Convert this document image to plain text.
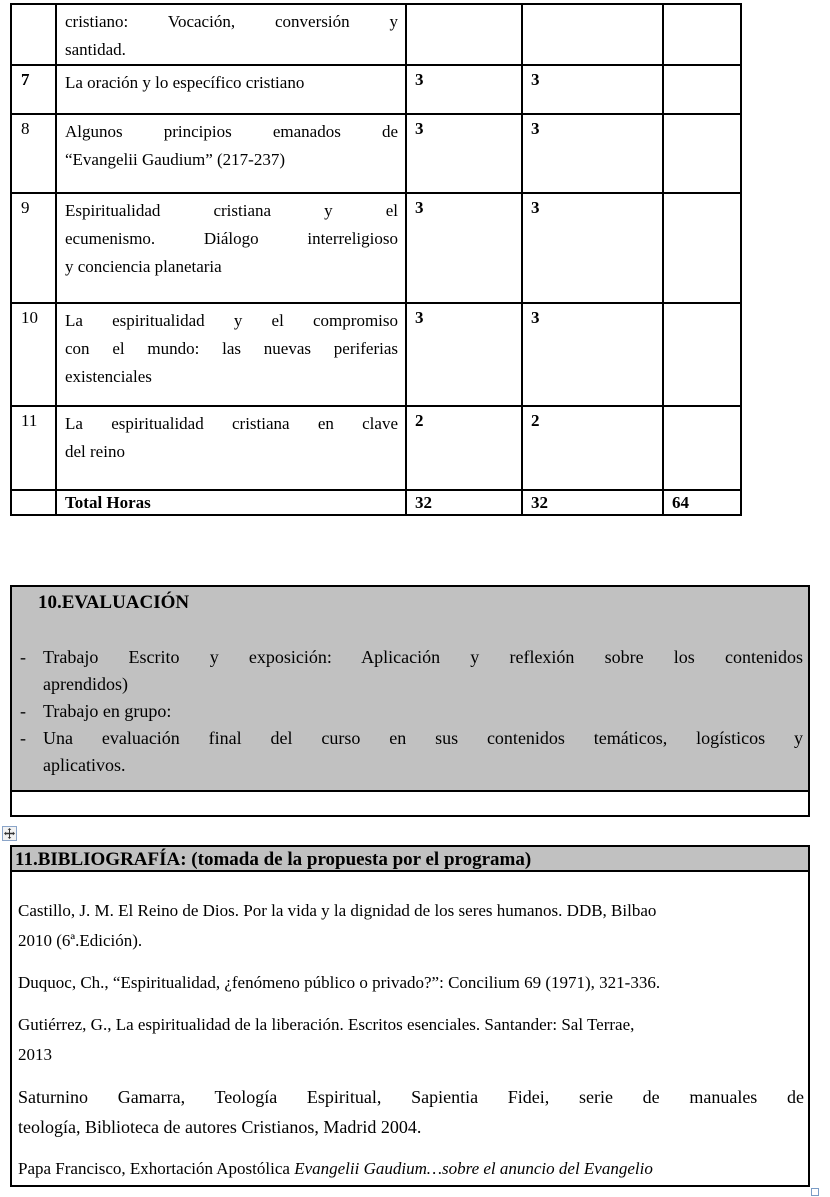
	cristiano: Vocación, conversión y
santidad.			

7	La oración y lo específico cristiano	3	3	
8	Algunos principios emanados de
“Evangelii Gaudium” (217-237)	3	3	
9	Espiritualidad cristiana y el
ecumenismo. Diálogo interreligioso
y conciencia planetaria	3	3	
10	La espiritualidad y el compromiso
con el mundo: las nuevas periferias
existenciales	3	3	
11	La espiritualidad cristiana en clave
del reino	2	2	
	Total Horas	32	32	64
10.EVALUACIÓN
- Trabajo Escrito y exposición: Aplicación y reflexión sobre los contenidos
aprendidos)
- Trabajo en grupo:
- Una evaluación final del curso en sus contenidos temáticos, logísticos y
aplicativos.
11.BIBLIOGRAFÍA: (tomada de la propuesta por el programa)
Castillo, J. M. El Reino de Dios. Por la vida y la dignidad de los seres humanos. DDB, Bilbao
2010 (6ª.Edición).
Duquoc, Ch., “Espiritualidad, ¿fenómeno público o privado?”: Concilium 69 (1971), 321-336.
Gutiérrez, G., La espiritualidad de la liberación. Escritos esenciales. Santander: Sal Terrae,
2013
Saturnino Gamarra, Teología Espiritual, Sapientia Fidei, serie de manuales de
teología, Biblioteca de autores Cristianos, Madrid 2004.
Papa Francisco, Exhortación Apostólica Evangelii Gaudium…sobre el anuncio del Evangelio
